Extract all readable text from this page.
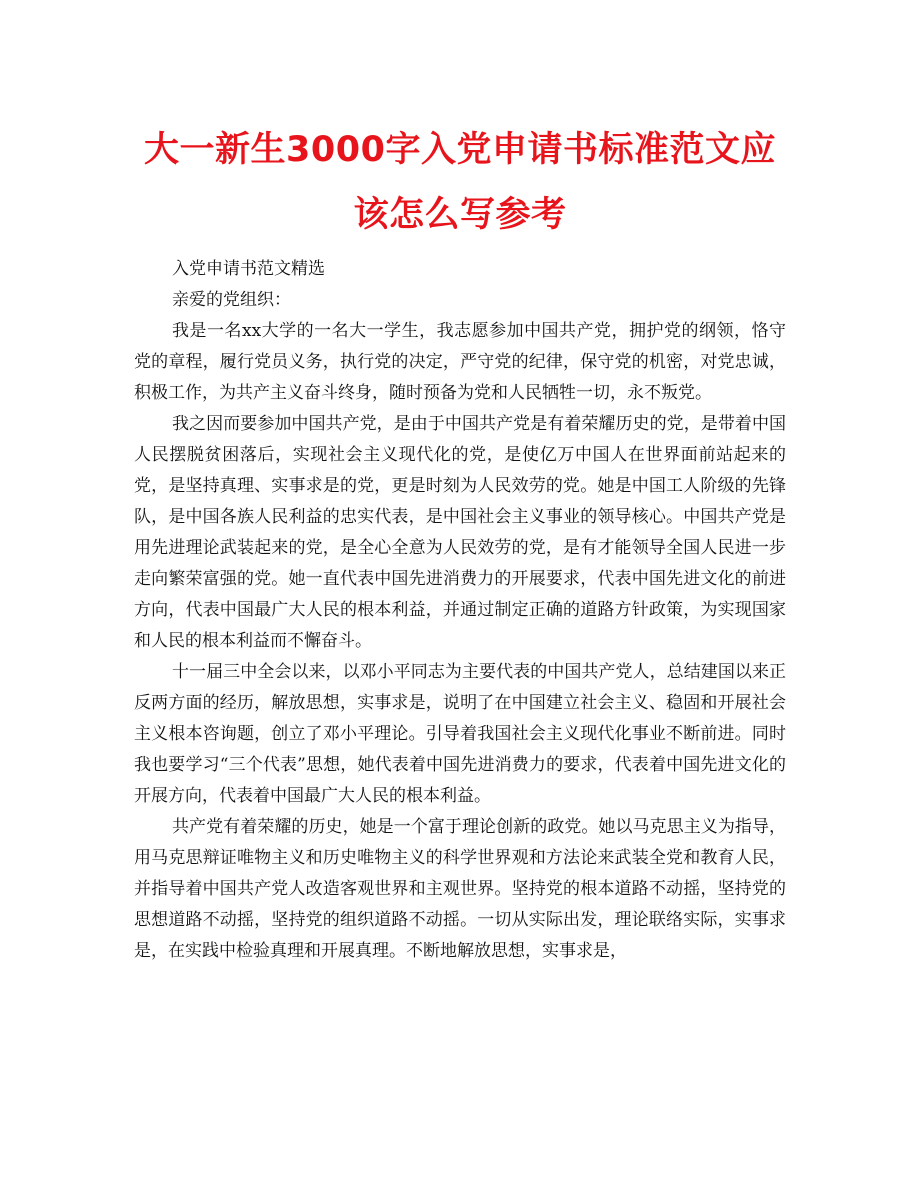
大一新生3000字入党申请书标准范文应
该怎么写参考

入党申请书范文精选

亲爱的党组织：

我是一名xx大学的一名大一学生，我志愿参加中国共产党，拥护党的纲领，恪守党的章程，履行党员义务，执行党的决定，严守党的纪律，保守党的机密，对党忠诚，积极工作，为共产主义奋斗终身，随时预备为党和人民牺牲一切，永不叛党。

我之因而要参加中国共产党，是由于中国共产党是有着荣耀历史的党，是带着中国人民摆脱贫困落后，实现社会主义现代化的党，是使亿万中国人在世界面前站起来的党，是坚持真理、实事求是的党，更是时刻为人民效劳的党。她是中国工人阶级的先锋队，是中国各族人民利益的忠实代表，是中国社会主义事业的领导核心。中国共产党是用先进理论武装起来的党，是全心全意为人民效劳的党，是有才能领导全国人民进一步走向繁荣富强的党。她一直代表中国先进消费力的开展要求，代表中国先进文化的前进方向，代表中国最广大人民的根本利益，并通过制定正确的道路方针政策，为实现国家和人民的根本利益而不懈奋斗。

十一届三中全会以来，以邓小平同志为主要代表的中国共产党人，总结建国以来正反两方面的经历，解放思想，实事求是，说明了在中国建立社会主义、稳固和开展社会主义根本咨询题，创立了邓小平理论。引导着我国社会主义现代化事业不断前进。同时我也要学习“三个代表”思想，她代表着中国先进消费力的要求，代表着中国先进文化的开展方向，代表着中国最广大人民的根本利益。

共产党有着荣耀的历史，她是一个富于理论创新的政党。她以马克思主义为指导，用马克思辩证唯物主义和历史唯物主义的科学世界观和方法论来武装全党和教育人民，并指导着中国共产党人改造客观世界和主观世界。坚持党的根本道路不动摇，坚持党的思想道路不动摇，坚持党的组织道路不动摇。一切从实际出发，理论联络实际，实事求是，在实践中检验真理和开展真理。不断地解放思想，实事求是，
